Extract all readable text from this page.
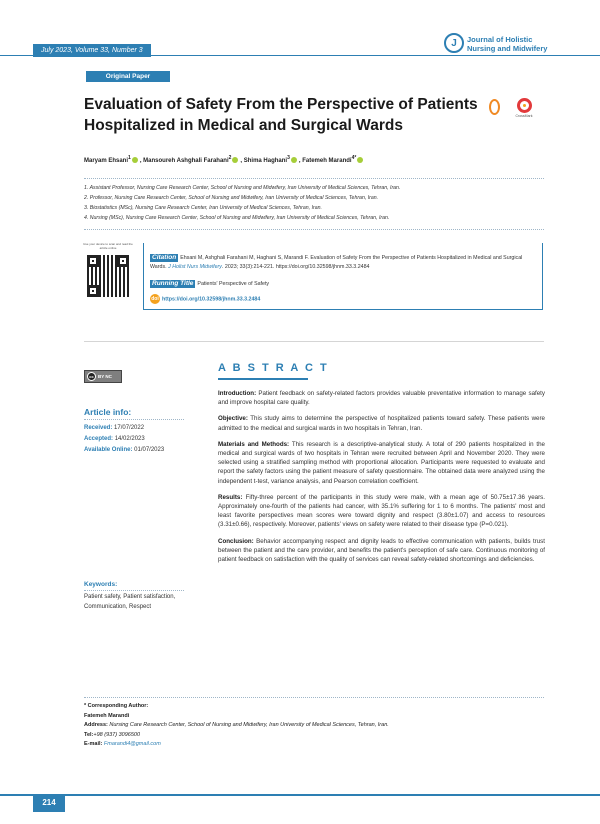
July 2023, Volume 33, Number 3
J	Journal of Holistic
Nursing and Midwifery
Original Paper
Evaluation of Safety From the Perspective of Patients Hospitalized in Medical and Surgical Wards
CrossMark
Maryam Ehsani$^1$ , Mansoureh Ashghali Farahani$^2$ , Shima Haghani$^3$ , Fatemeh Marandi$^{4*}$
1. Assistant Professor, Nursing Care Research Center, School of Nursing and Midwifery, Iran University of Medical Sciences, Tehran, Iran.
2. Professor, Nursing Care Research Center, School of Nursing and Midwifery, Iran University of Medical Sciences, Tehran, Iran.
3. Biostatistics (MSc), Nursing Care Research Center, Iran University of Medical Sciences, Tehran, Iran.
4. Nursing (MSc), Nursing Care Research Center, School of Nursing and Midwifery, Iran University of Medical Sciences, Tehran, Iran.
Use your device to scan and read the article online
Citation Ehsani M, Ashghali Farahani M, Haghani S, Marandi F. Evaluation of Safety From the Perspective of Patients Hospitalized in Medical and Surgical Wards. J Holist Nurs Midwifery. 2023; 33(3):214-221. https://doi.org/10.32598/jhnm.33.3.2484
Running Title Patients' Perspective of Safety
doi https://doi.org/10.32598/jhnm.33.3.2484
cc BY NC
Article info:
Received: 17/07/2022
Accepted: 14/02/2023
Available Online: 01/07/2023
Keywords:
Patient safety, Patient satisfaction, Communication, Respect
A B S T R A C T

Introduction: Patient feedback on safety-related factors provides valuable preventative information to manage safety and improve hospital care quality.

Objective: This study aims to determine the perspective of hospitalized patients toward safety. These patients were admitted to the medical and surgical wards in two hospitals in Tehran, Iran.

Materials and Methods: This research is a descriptive-analytical study. A total of 290 patients hospitalized in the medical and surgical wards of two hospitals in Tehran were recruited between April and November 2020. They were selected using a stratified sampling method with proportional allocation. Participants were requested to evaluate and report the safety factors using the patient measure of safety questionnaire. The obtained data were analyzed using the independent t-test, variance analysis, and Pearson correlation coefficient.

Results: Fifty-three percent of the participants in this study were male, with a mean age of 50.75±17.36 years. Approximately one-fourth of the patients had cancer, with 35.1% suffering for 1 to 6 months. The patients' most and least favorite perspectives mean scores were toward dignity and respect (3.80±1.07) and access to resources (3.31±0.66), respectively. Moreover, patients' views on safety were related to their disease type (P=0.021).

Conclusion: Behavior accompanying respect and dignity leads to effective communication with patients, builds trust between the patient and the care provider, and benefits the patient's perception of safe care. Continuous monitoring of patient feedback on satisfaction with the quality of services can reveal safety-related shortcomings and deficiencies.

* Corresponding Author:
Fatemeh Marandi
Address: Nursing Care Research Center, School of Nursing and Midwifery, Iran University of Medical Sciences, Tehran, Iran.
Tel:+98 (937) 3096500
E-mail: Fmarandi4@gmail.com
214
